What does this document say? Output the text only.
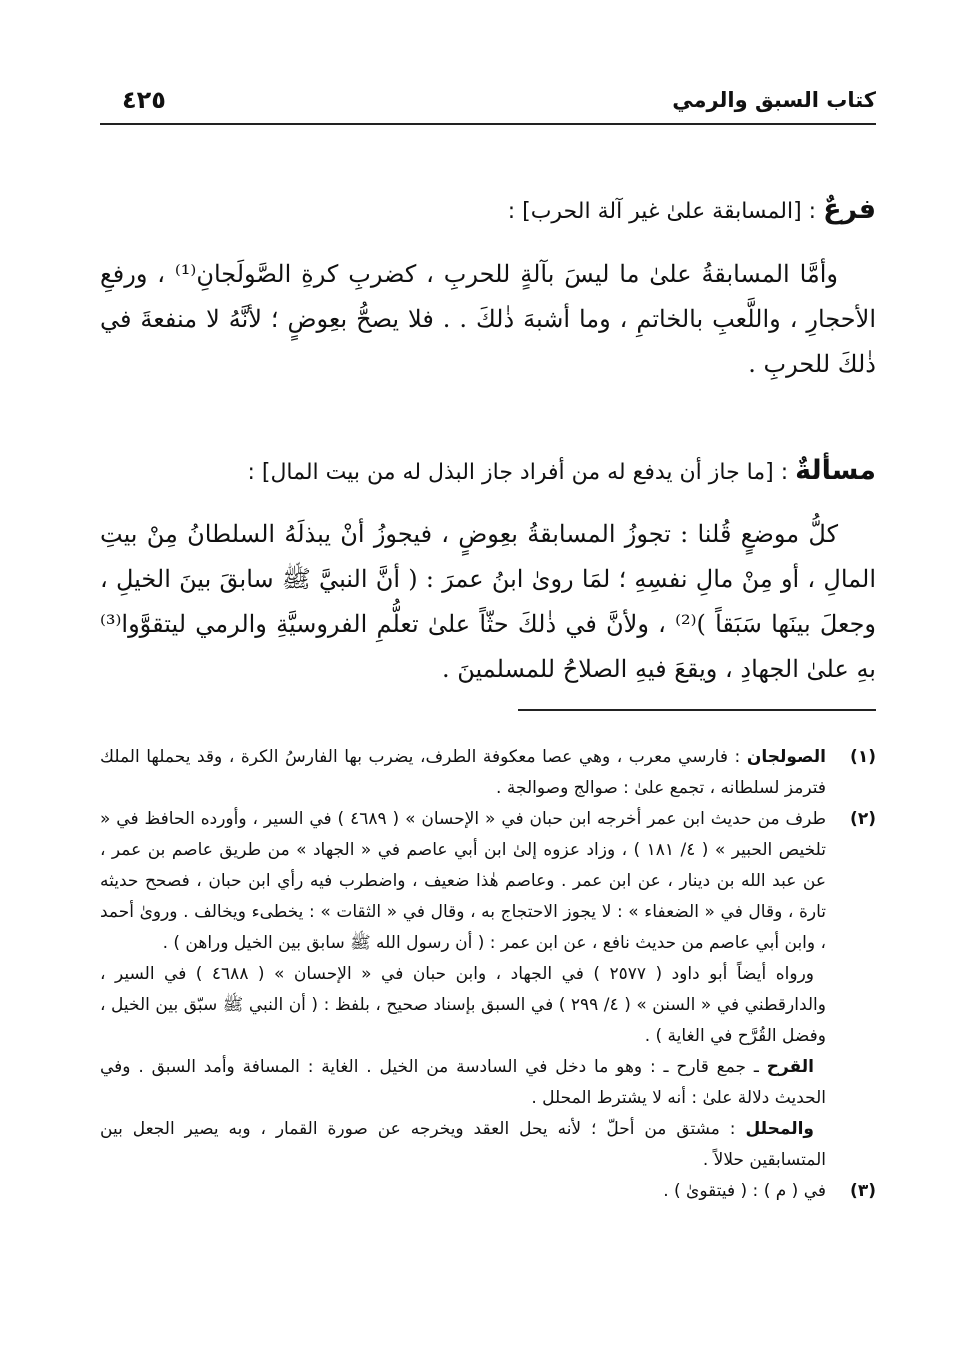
كتاب السبق والرمي
٤٢٥
فرعٌ : [المسابقة علىٰ غير آلة الحرب] :
وأمَّا المسابقةُ علىٰ ما ليسَ بآلةٍ للحربِ ، كضربِ كرةِ الصَّولَجانِ⁽¹⁾ ، ورفعِ الأحجارِ ، واللَّعبِ بالخاتمِ ، وما أشبهَ ذٰلكَ . . فلا يصحُّ بعِوضٍ ؛ لأنَّهُ لا منفعةَ في ذٰلكَ للحربِ .
مسألةٌ : [ما جاز أن يدفع له من أفراد جاز البذل له من بيت المال] :
كلُّ موضعٍ قُلنا : تجوزُ المسابقةُ بعِوضٍ ، فيجوزُ أنْ يبذلَهُ السلطانُ مِنْ بيتِ المالِ ، أو مِنْ مالِ نفسِهِ ؛ لمَا روىٰ ابنُ عمرَ : ( أنَّ النبيَّ ﷺ سابقَ بينَ الخيلِ ، وجعلَ بينَها سَبَقاً )⁽²⁾ ، ولأنَّ في ذٰلكَ حثّاً علىٰ تعلُّمِ الفروسيَّةِ والرمي ليتقوَّوا⁽³⁾ بهِ علىٰ الجهادِ ، ويقعَ فيهِ الصلاحُ للمسلمينَ .
(١)
الصولجان : فارسي معرب ، وهي عصا معكوفة الطرف، يضرب بها الفارسُ الكرة ، وقد يحملها الملك فترمز لسلطانه ، تجمع علىٰ : صوالج وصوالجة .
(٢)
طرف من حديث ابن عمر أخرجه ابن حبان في « الإحسان » ( ٤٦٨٩ ) في السير ، وأورده الحافظ في « تلخيص الحبير » ( ٤/ ١٨١ ) ، وزاد عزوه إلىٰ ابن أبي عاصم في « الجهاد » من طريق عاصم بن عمر ، عن عبد الله بن دينار ، عن ابن عمر . وعاصم هٰذا ضعيف ، واضطرب فيه رأي ابن حبان ، فصحح حديثه تارة ، وقال في « الضعفاء » : لا يجوز الاحتجاج به ، وقال في « الثقات » : يخطىء ويخالف . وروىٰ أحمد ، وابن أبي عاصم من حديث نافع ، عن ابن عمر : ( أن رسول الله ﷺ سابق بين الخيل وراهن ) .
ورواه أيضاً أبو داود ( ٢٥٧٧ ) في الجهاد ، وابن حبان في « الإحسان » ( ٤٦٨٨ ) في السير ، والدارقطني في « السنن » ( ٤/ ٢٩٩ ) في السبق بإسناد صحيح ، بلفظ : ( أن النبي ﷺ سبّق بين الخيل ، وفضل القُرَّح في الغاية ) .
القرح ـ جمع قارح ـ : وهو ما دخل في السادسة من الخيل . الغاية : المسافة وأمد السبق . وفي الحديث دلالة علىٰ : أنه لا يشترط المحلل .
والمحلل : مشتق من أحلّ ؛ لأنه يحل العقد ويخرجه عن صورة القمار ، وبه يصير الجعل بين المتسابقين حلالاً .
(٣)
في ( م ) : ( فيتقوىٰ ) .
